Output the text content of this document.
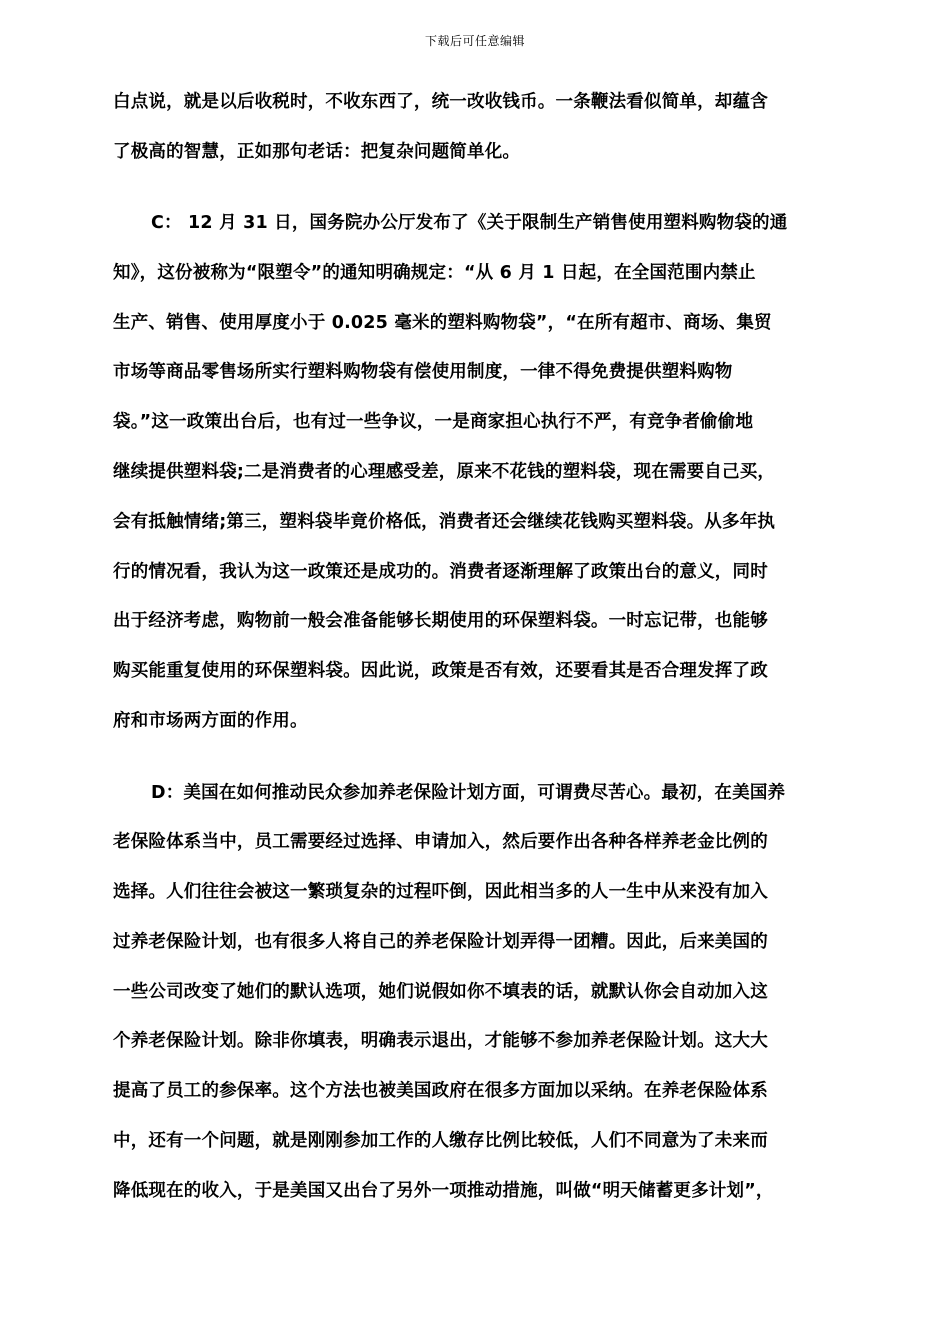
下载后可任意编辑
白点说，就是以后收税时，不收东西了，统一改收钱币。一条鞭法看似简单，却蕴含
了极高的智慧，正如那句老话：把复杂问题简单化。
C： 12 月 31 日，国务院办公厅发布了《关于限制生产销售使用塑料购物袋的通
知》，这份被称为“限塑令”的通知明确规定：“从 6 月 1 日起，在全国范围内禁止
生产、销售、使用厚度小于 0.025 毫米的塑料购物袋”，“在所有超市、商场、集贸
市场等商品零售场所实行塑料购物袋有偿使用制度，一律不得免费提供塑料购物
袋。”这一政策出台后，也有过一些争议，一是商家担心执行不严，有竞争者偷偷地
继续提供塑料袋;二是消费者的心理感受差，原来不花钱的塑料袋，现在需要自己买，
会有抵触情绪;第三，塑料袋毕竟价格低，消费者还会继续花钱购买塑料袋。从多年执
行的情况看，我认为这一政策还是成功的。消费者逐渐理解了政策出台的意义，同时
出于经济考虑，购物前一般会准备能够长期使用的环保塑料袋。一时忘记带，也能够
购买能重复使用的环保塑料袋。因此说，政策是否有效，还要看其是否合理发挥了政
府和市场两方面的作用。
D：美国在如何推动民众参加养老保险计划方面，可谓费尽苦心。最初，在美国养
老保险体系当中，员工需要经过选择、申请加入，然后要作出各种各样养老金比例的
选择。人们往往会被这一繁琐复杂的过程吓倒，因此相当多的人一生中从来没有加入
过养老保险计划，也有很多人将自己的养老保险计划弄得一团糟。因此，后来美国的
一些公司改变了她们的默认选项，她们说假如你不填表的话，就默认你会自动加入这
个养老保险计划。除非你填表，明确表示退出，才能够不参加养老保险计划。这大大
提高了员工的参保率。这个方法也被美国政府在很多方面加以采纳。在养老保险体系
中，还有一个问题，就是刚刚参加工作的人缴存比例比较低，人们不同意为了未来而
降低现在的收入，于是美国又出台了另外一项推动措施，叫做“明天储蓄更多计划”，
